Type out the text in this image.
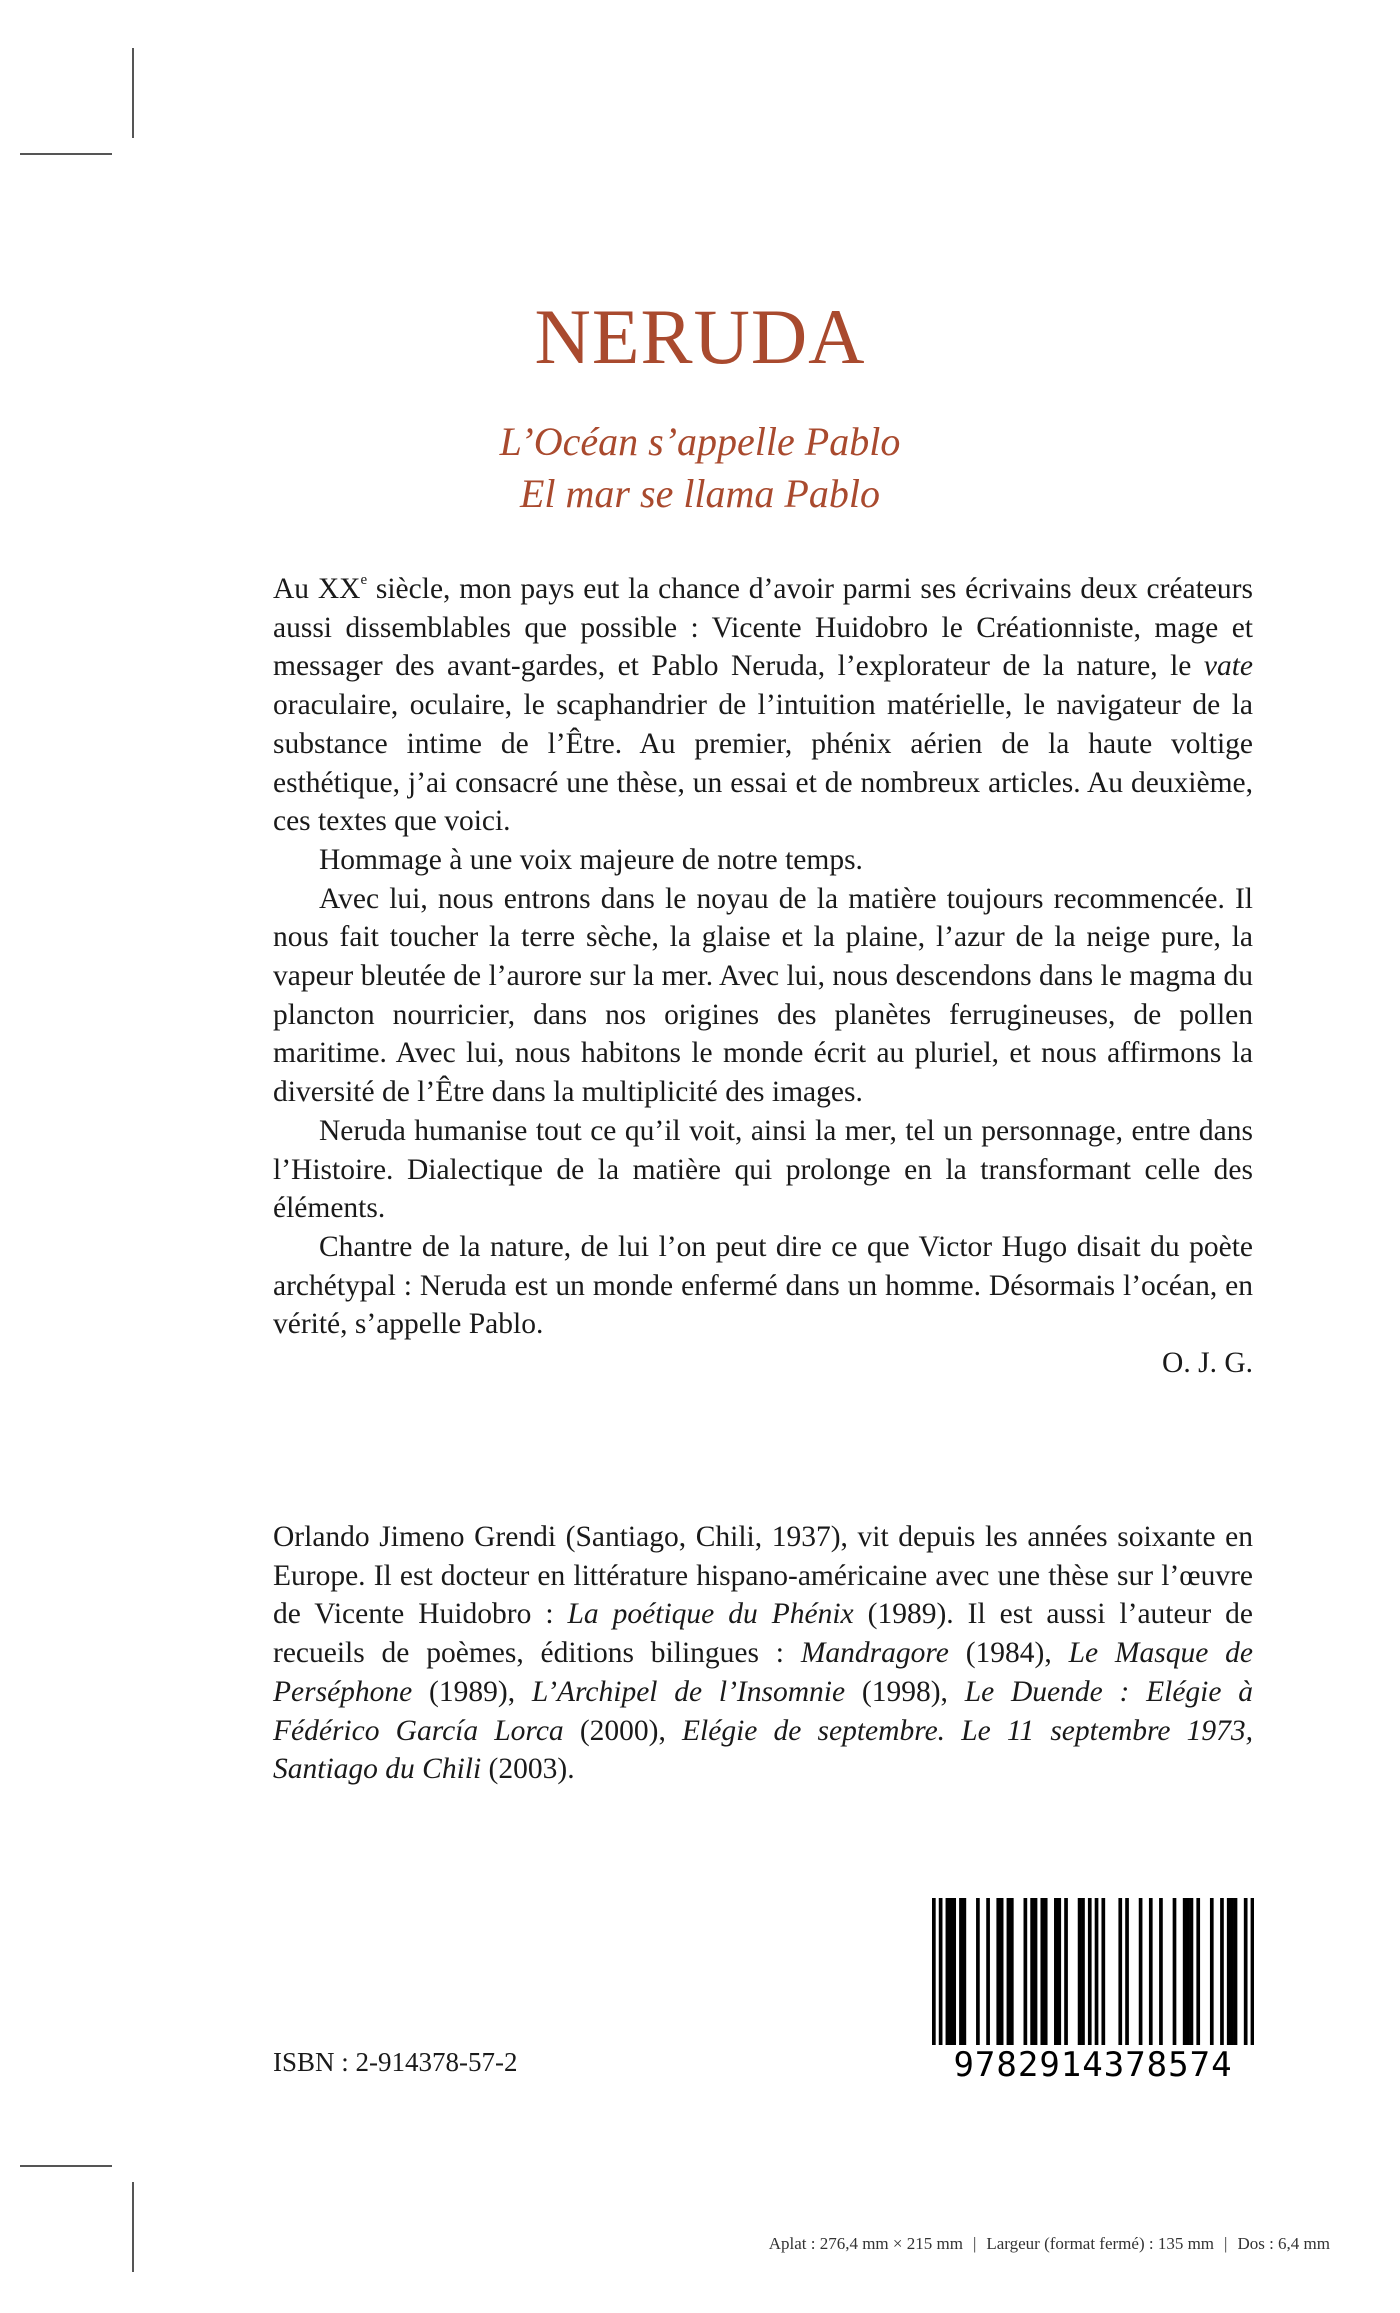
NERUDA
L’Océan s’appelle Pablo
El mar se llama Pablo

Au XXe siècle, mon pays eut la chance d’avoir parmi ses écrivains deux créateurs aussi dissemblables que possible : Vicente Huidobro le Créationniste, mage et messager des avant-gardes, et Pablo Neruda, l’explorateur de la nature, le vate oraculaire, oculaire, le scaphandrier de l’intuition matérielle, le navigateur de la substance intime de l’Être. Au premier, phénix aérien de la haute voltige esthétique, j’ai consacré une thèse, un essai et de nombreux articles. Au deuxième, ces textes que voici.

Hommage à une voix majeure de notre temps.

Avec lui, nous entrons dans le noyau de la matière toujours recommencée. Il nous fait toucher la terre sèche, la glaise et la plaine, l’azur de la neige pure, la vapeur bleutée de l’aurore sur la mer. Avec lui, nous descendons dans le magma du plancton nourricier, dans nos origines des planètes ferrugineuses, de pollen maritime. Avec lui, nous habitons le monde écrit au pluriel, et nous affirmons la diversité de l’Être dans la multiplicité des images.

Neruda humanise tout ce qu’il voit, ainsi la mer, tel un personnage, entre dans l’Histoire. Dialectique de la matière qui prolonge en la transformant celle des éléments.

Chantre de la nature, de lui l’on peut dire ce que Victor Hugo disait du poète archétypal : Neruda est un monde enfermé dans un homme. Désormais l’océan, en vérité, s’appelle Pablo.

O. J. G.

Orlando Jimeno Grendi (Santiago, Chili, 1937), vit depuis les années soixante en Europe. Il est docteur en littérature hispano-américaine avec une thèse sur l’œuvre de Vicente Huidobro : La poétique du Phénix (1989). Il est aussi l’auteur de recueils de poèmes, éditions bilingues : Mandragore (1984), Le Masque de Perséphone (1989), L’Archipel de l’Insomnie (1998), Le Duende : Elégie à Fédérico García Lorca (2000), Elégie de septembre. Le 11 septembre 1973, Santiago du Chili (2003).

ISBN : 2-914378-57-2	9782914378574
Aplat : 276,4 mm × 215 mm | Largeur (format fermé) : 135 mm | Dos : 6,4 mm
